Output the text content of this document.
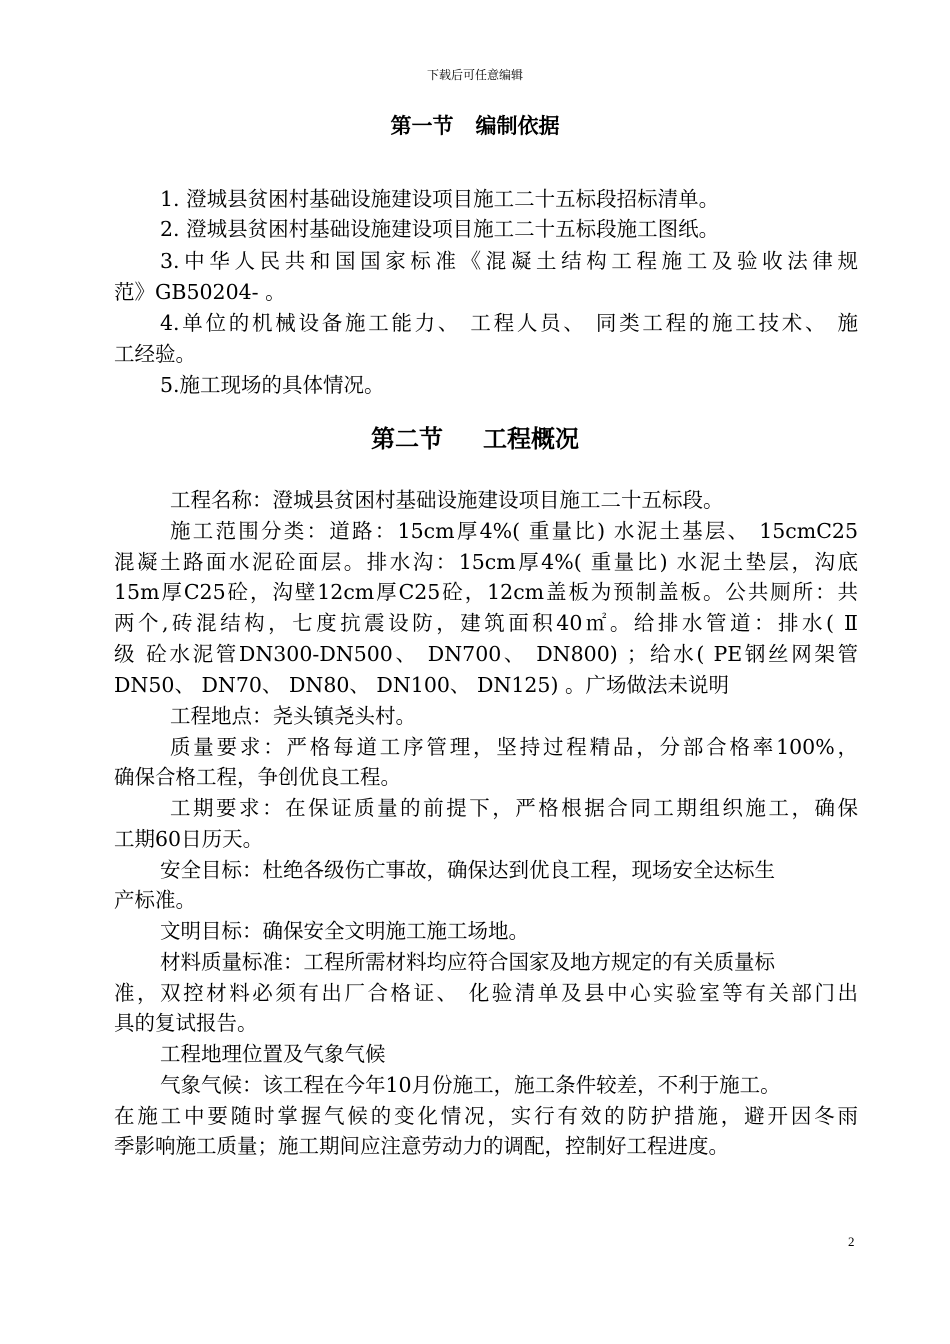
下载后可任意编辑
第一节 编制依据
1. 澄城县贫困村基础设施建设项目施工二十五标段招标清单。
2. 澄城县贫困村基础设施建设项目施工二十五标段施工图纸。
3.中华人民共和国国家标准《混凝土结构工程施工及验收法律规
范》GB50204- 。
4.单位的机械设备施工能力、 工程人员、 同类工程的施工技术、 施
工经验。
5.施工现场的具体情况。
第二节 工程概况
工程名称：澄城县贫困村基础设施建设项目施工二十五标段。
施工范围分类：道路：15cm厚4%( 重量比) 水泥土基层、 15cmC25
混凝土路面水泥砼面层。排水沟：15cm厚4%( 重量比) 水泥土垫层，沟底
15m厚C25砼，沟壁12cm厚C25砼，12cm盖板为预制盖板。公共厕所：共
两个,砖混结构，七度抗震设防，建筑面积40㎡。给排水管道：排水( Ⅱ
级 砼水泥管DN300-DN500、 DN700、 DN800) ；给水( PE钢丝网架管
DN50、 DN70、 DN80、 DN100、 DN125) 。广场做法未说明
工程地点：尧头镇尧头村。
质量要求：严格每道工序管理，坚持过程精品，分部合格率100%，
确保合格工程，争创优良工程。
工期要求：在保证质量的前提下，严格根据合同工期组织施工，确保
工期60日历天。
安全目标：杜绝各级伤亡事故，确保达到优良工程，现场安全达标生
产标准。
文明目标：确保安全文明施工施工场地。
材料质量标准：工程所需材料均应符合国家及地方规定的有关质量标
准，双控材料必须有出厂合格证、 化验清单及县中心实验室等有关部门出
具的复试报告。
工程地理位置及气象气候
气象气候：该工程在今年10月份施工，施工条件较差，不利于施工。
在施工中要随时掌握气候的变化情况，实行有效的防护措施，避开因冬雨
季影响施工质量；施工期间应注意劳动力的调配，控制好工程进度。
2
